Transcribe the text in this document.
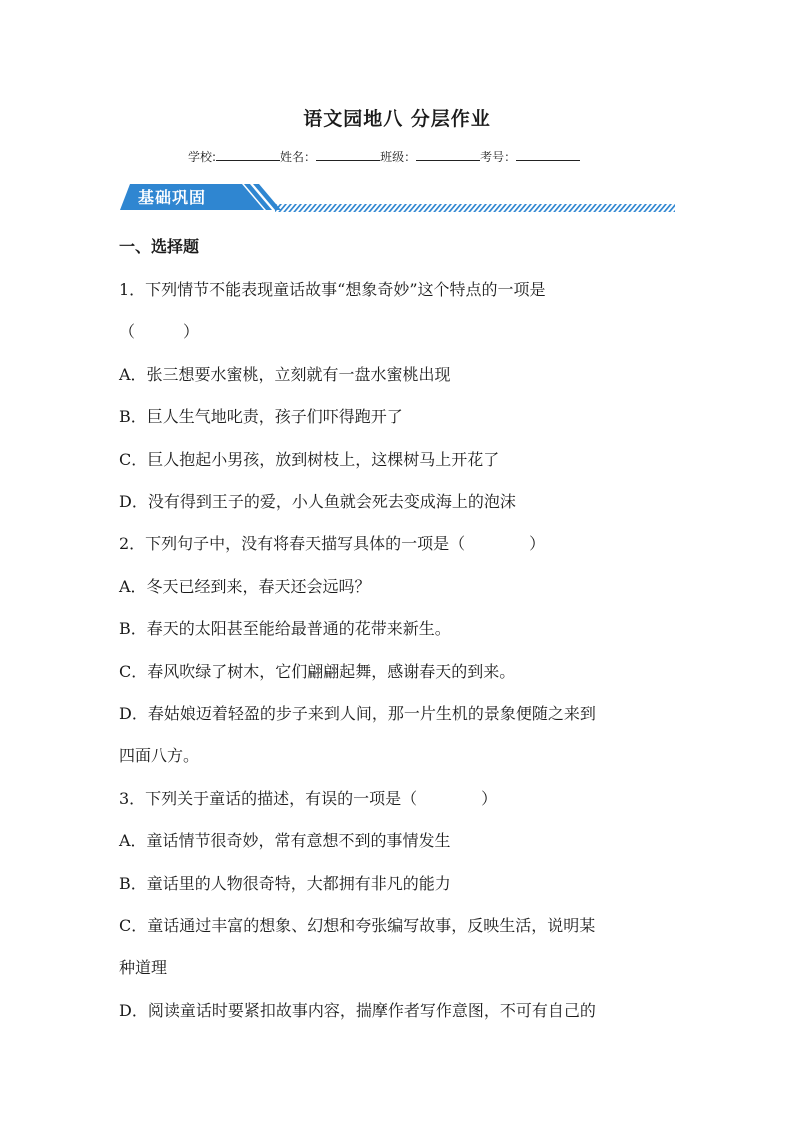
语文园地八 分层作业
学校:	姓名：	班级：	考号：
基础巩固
一、选择题
1．下列情节不能表现童话故事“想象奇妙”这个特点的一项是
（　　　）
A．张三想要水蜜桃，立刻就有一盘水蜜桃出现
B．巨人生气地叱责，孩子们吓得跑开了
C．巨人抱起小男孩，放到树枝上，这棵树马上开花了
D．没有得到王子的爱，小人鱼就会死去变成海上的泡沫
2．下列句子中，没有将春天描写具体的一项是（　　　　）
A．冬天已经到来，春天还会远吗？
B．春天的太阳甚至能给最普通的花带来新生。
C．春风吹绿了树木，它们翩翩起舞，感谢春天的到来。
D．春姑娘迈着轻盈的步子来到人间，那一片生机的景象便随之来到
四面八方。
3．下列关于童话的描述，有误的一项是（　　　　）
A．童话情节很奇妙，常有意想不到的事情发生
B．童话里的人物很奇特，大都拥有非凡的能力
C．童话通过丰富的想象、幻想和夸张编写故事，反映生活，说明某
种道理
D．阅读童话时要紧扣故事内容，揣摩作者写作意图，不可有自己的
